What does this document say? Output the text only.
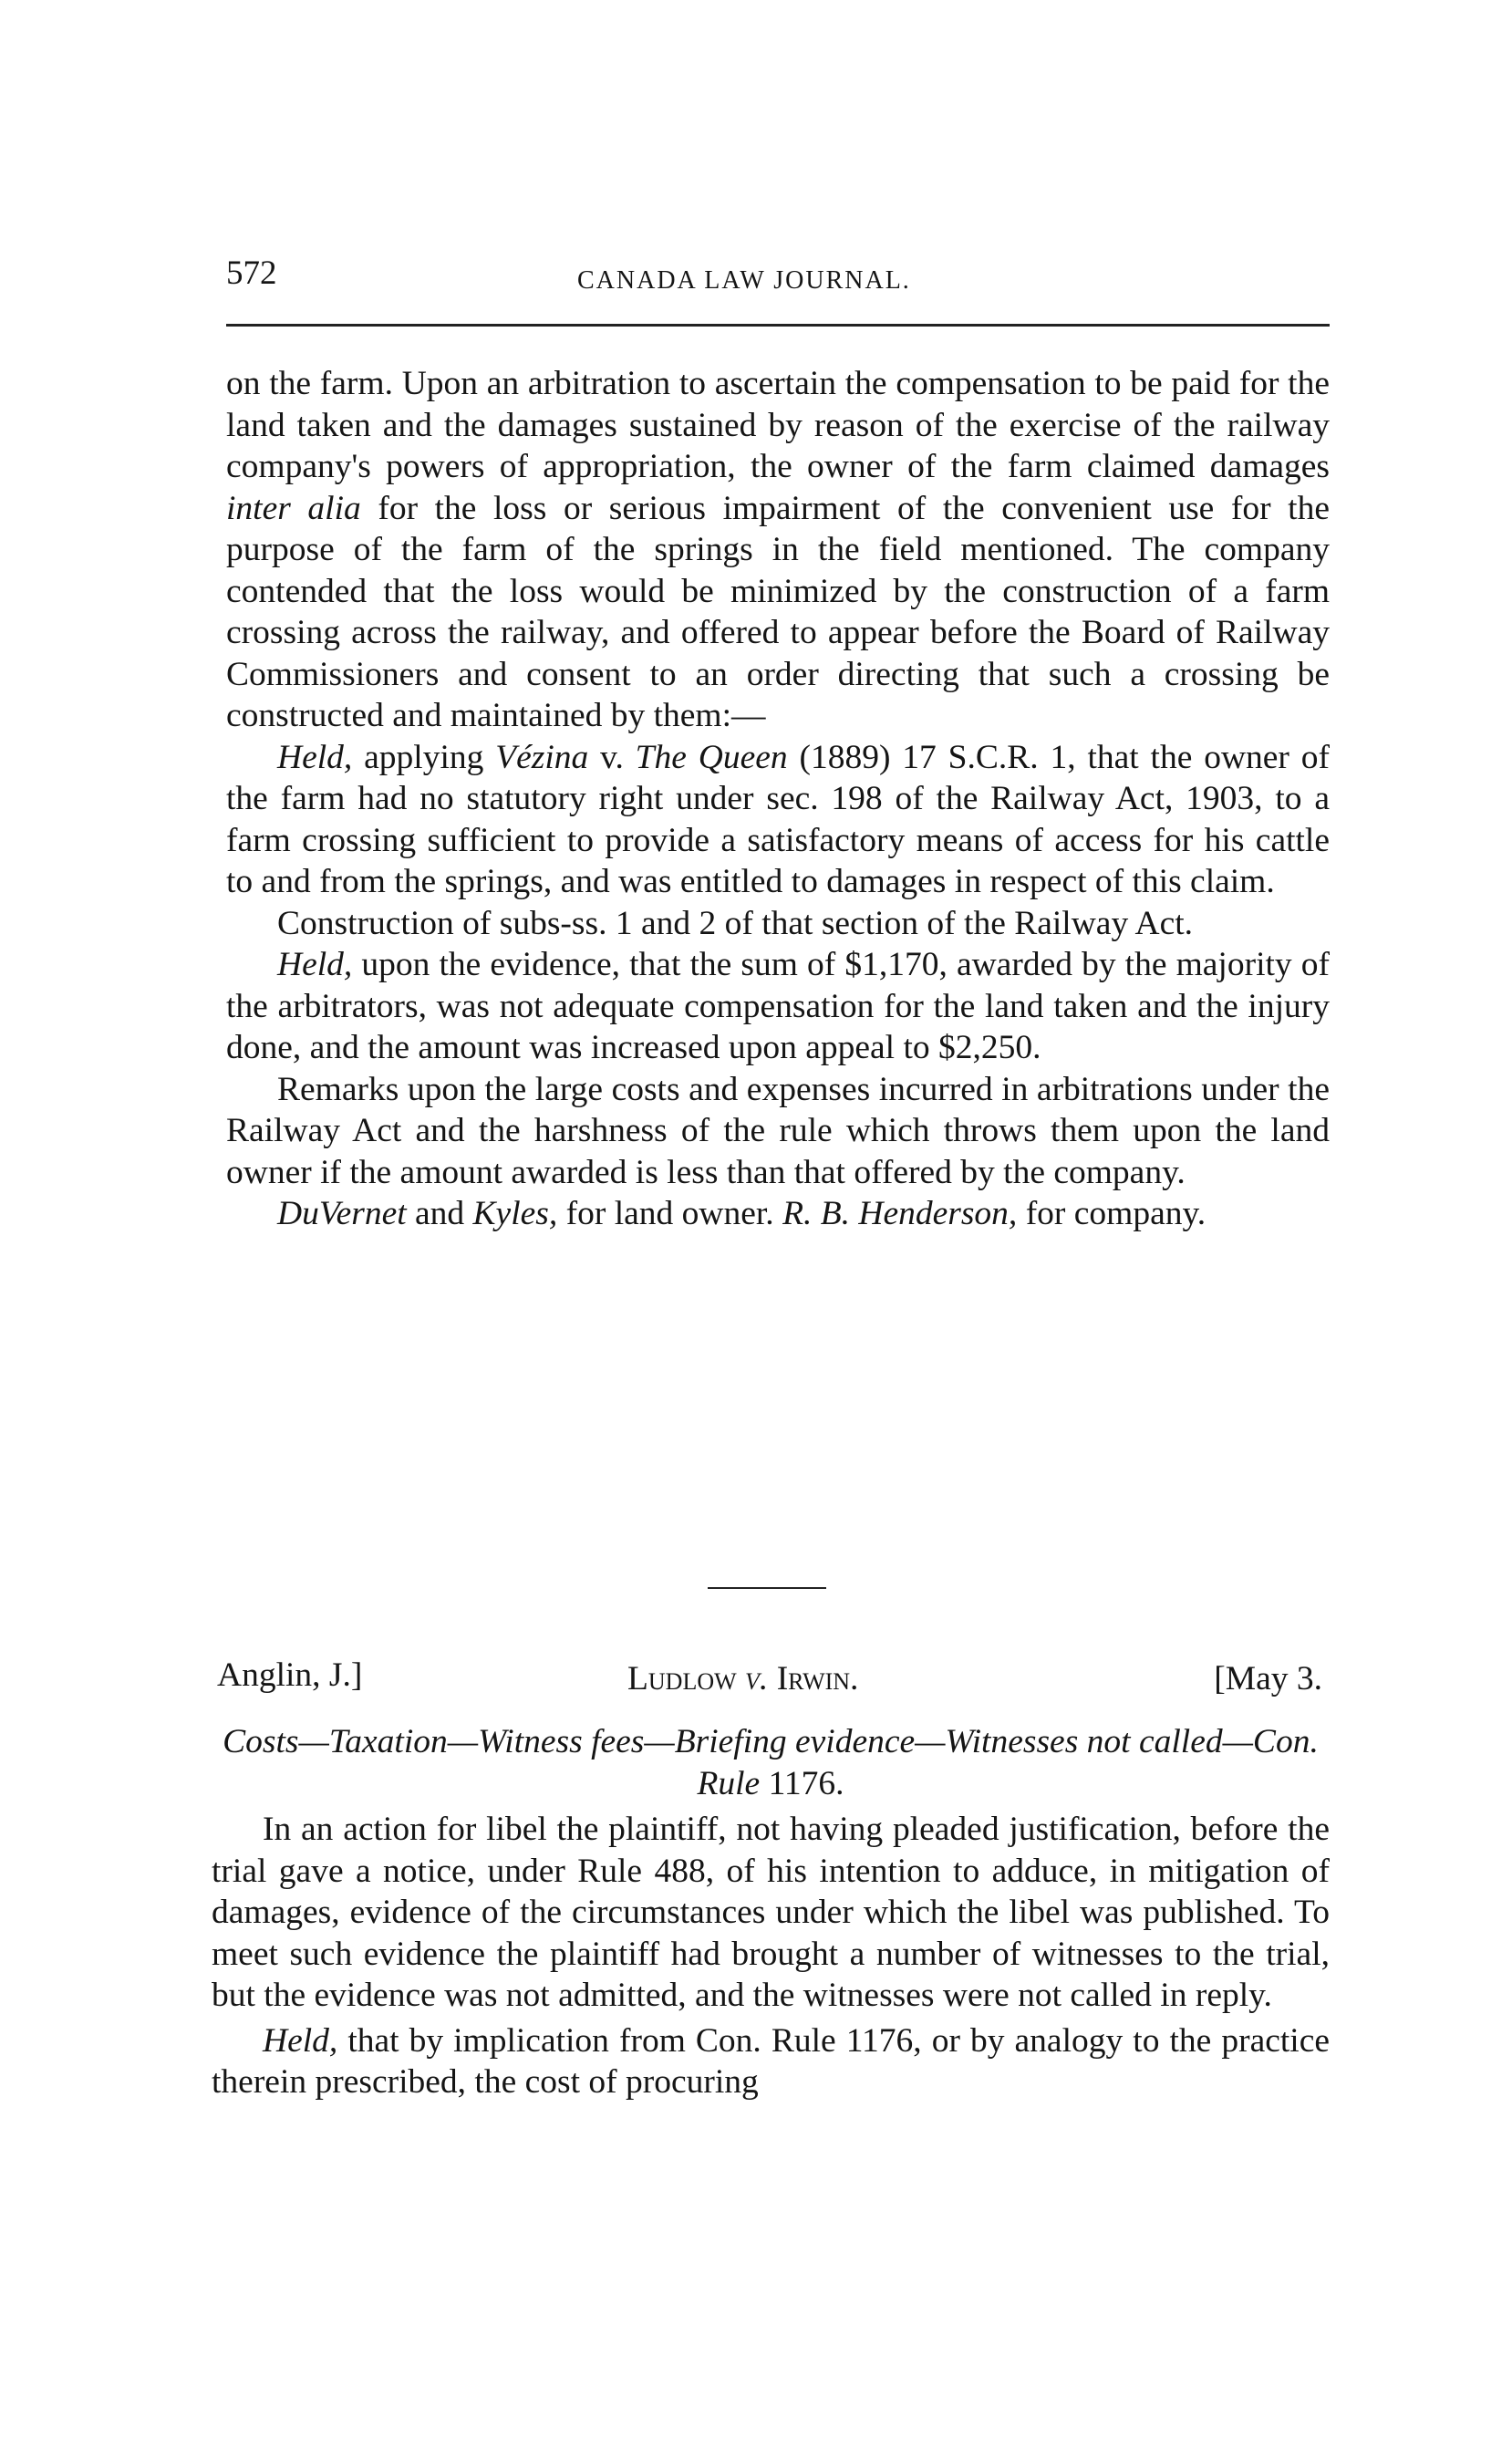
572	CANADA LAW JOURNAL.

on the farm. Upon an arbitration to ascertain the compensation to be paid for the land taken and the damages sustained by reason of the exercise of the railway company's powers of appropriation, the owner of the farm claimed damages inter alia for the loss or serious impairment of the convenient use for the purpose of the farm of the springs in the field mentioned. The company contended that the loss would be minimized by the construction of a farm crossing across the railway, and offered to appear before the Board of Railway Commissioners and consent to an order directing that such a crossing be constructed and maintained by them:—

Held, applying Vézina v. The Queen (1889) 17 S.C.R. 1, that the owner of the farm had no statutory right under sec. 198 of the Railway Act, 1903, to a farm crossing sufficient to provide a satisfactory means of access for his cattle to and from the springs, and was entitled to damages in respect of this claim.

Construction of subs-ss. 1 and 2 of that section of the Railway Act.

Held, upon the evidence, that the sum of $1,170, awarded by the majority of the arbitrators, was not adequate compensation for the land taken and the injury done, and the amount was increased upon appeal to $2,250.

Remarks upon the large costs and expenses incurred in arbitrations under the Railway Act and the harshness of the rule which throws them upon the land owner if the amount awarded is less than that offered by the company.

DuVernet and Kyles, for land owner. R. B. Henderson, for company.

Anglin, J.]	Ludlow v. Irwin.	[May 3.
Costs—Taxation—Witness fees—Briefing evidence—Witnesses not called—Con. Rule 1176.

In an action for libel the plaintiff, not having pleaded justification, before the trial gave a notice, under Rule 488, of his intention to adduce, in mitigation of damages, evidence of the circumstances under which the libel was published. To meet such evidence the plaintiff had brought a number of witnesses to the trial, but the evidence was not admitted, and the witnesses were not called in reply.

Held, that by implication from Con. Rule 1176, or by analogy to the practice therein prescribed, the cost of procuring
